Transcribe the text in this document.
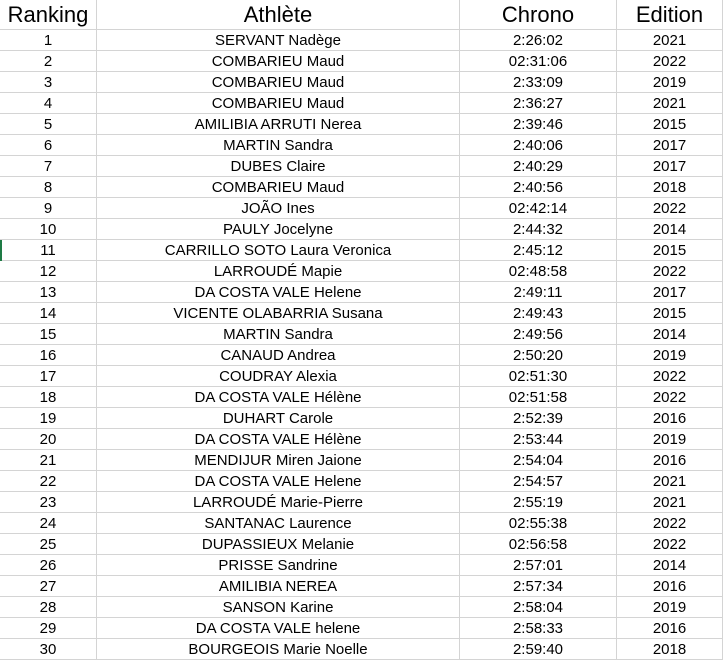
Ranking	Athlète	Chrono	Edition
1	SERVANT Nadège	2:26:02	2021
2	COMBARIEU Maud	02:31:06	2022
3	COMBARIEU Maud	2:33:09	2019
4	COMBARIEU Maud	2:36:27	2021
5	AMILIBIA ARRUTI Nerea	2:39:46	2015
6	MARTIN Sandra	2:40:06	2017
7	DUBES Claire	2:40:29	2017
8	COMBARIEU Maud	2:40:56	2018
9	JOÃO Ines	02:42:14	2022
10	PAULY Jocelyne	2:44:32	2014
11	CARRILLO SOTO Laura Veronica	2:45:12	2015
12	LARROUDÉ Mapie	02:48:58	2022
13	DA COSTA VALE Helene	2:49:11	2017
14	VICENTE OLABARRIA Susana	2:49:43	2015
15	MARTIN Sandra	2:49:56	2014
16	CANAUD Andrea	2:50:20	2019
17	COUDRAY Alexia	02:51:30	2022
18	DA COSTA VALE Hélène	02:51:58	2022
19	DUHART Carole	2:52:39	2016
20	DA COSTA VALE Hélène	2:53:44	2019
21	MENDIJUR Miren Jaione	2:54:04	2016
22	DA COSTA VALE Helene	2:54:57	2021
23	LARROUDÉ Marie-Pierre	2:55:19	2021
24	SANTANAC Laurence	02:55:38	2022
25	DUPASSIEUX Melanie	02:56:58	2022
26	PRISSE Sandrine	2:57:01	2014
27	AMILIBIA NEREA	2:57:34	2016
28	SANSON Karine	2:58:04	2019
29	DA COSTA VALE helene	2:58:33	2016
30	BOURGEOIS Marie Noelle	2:59:40	2018
